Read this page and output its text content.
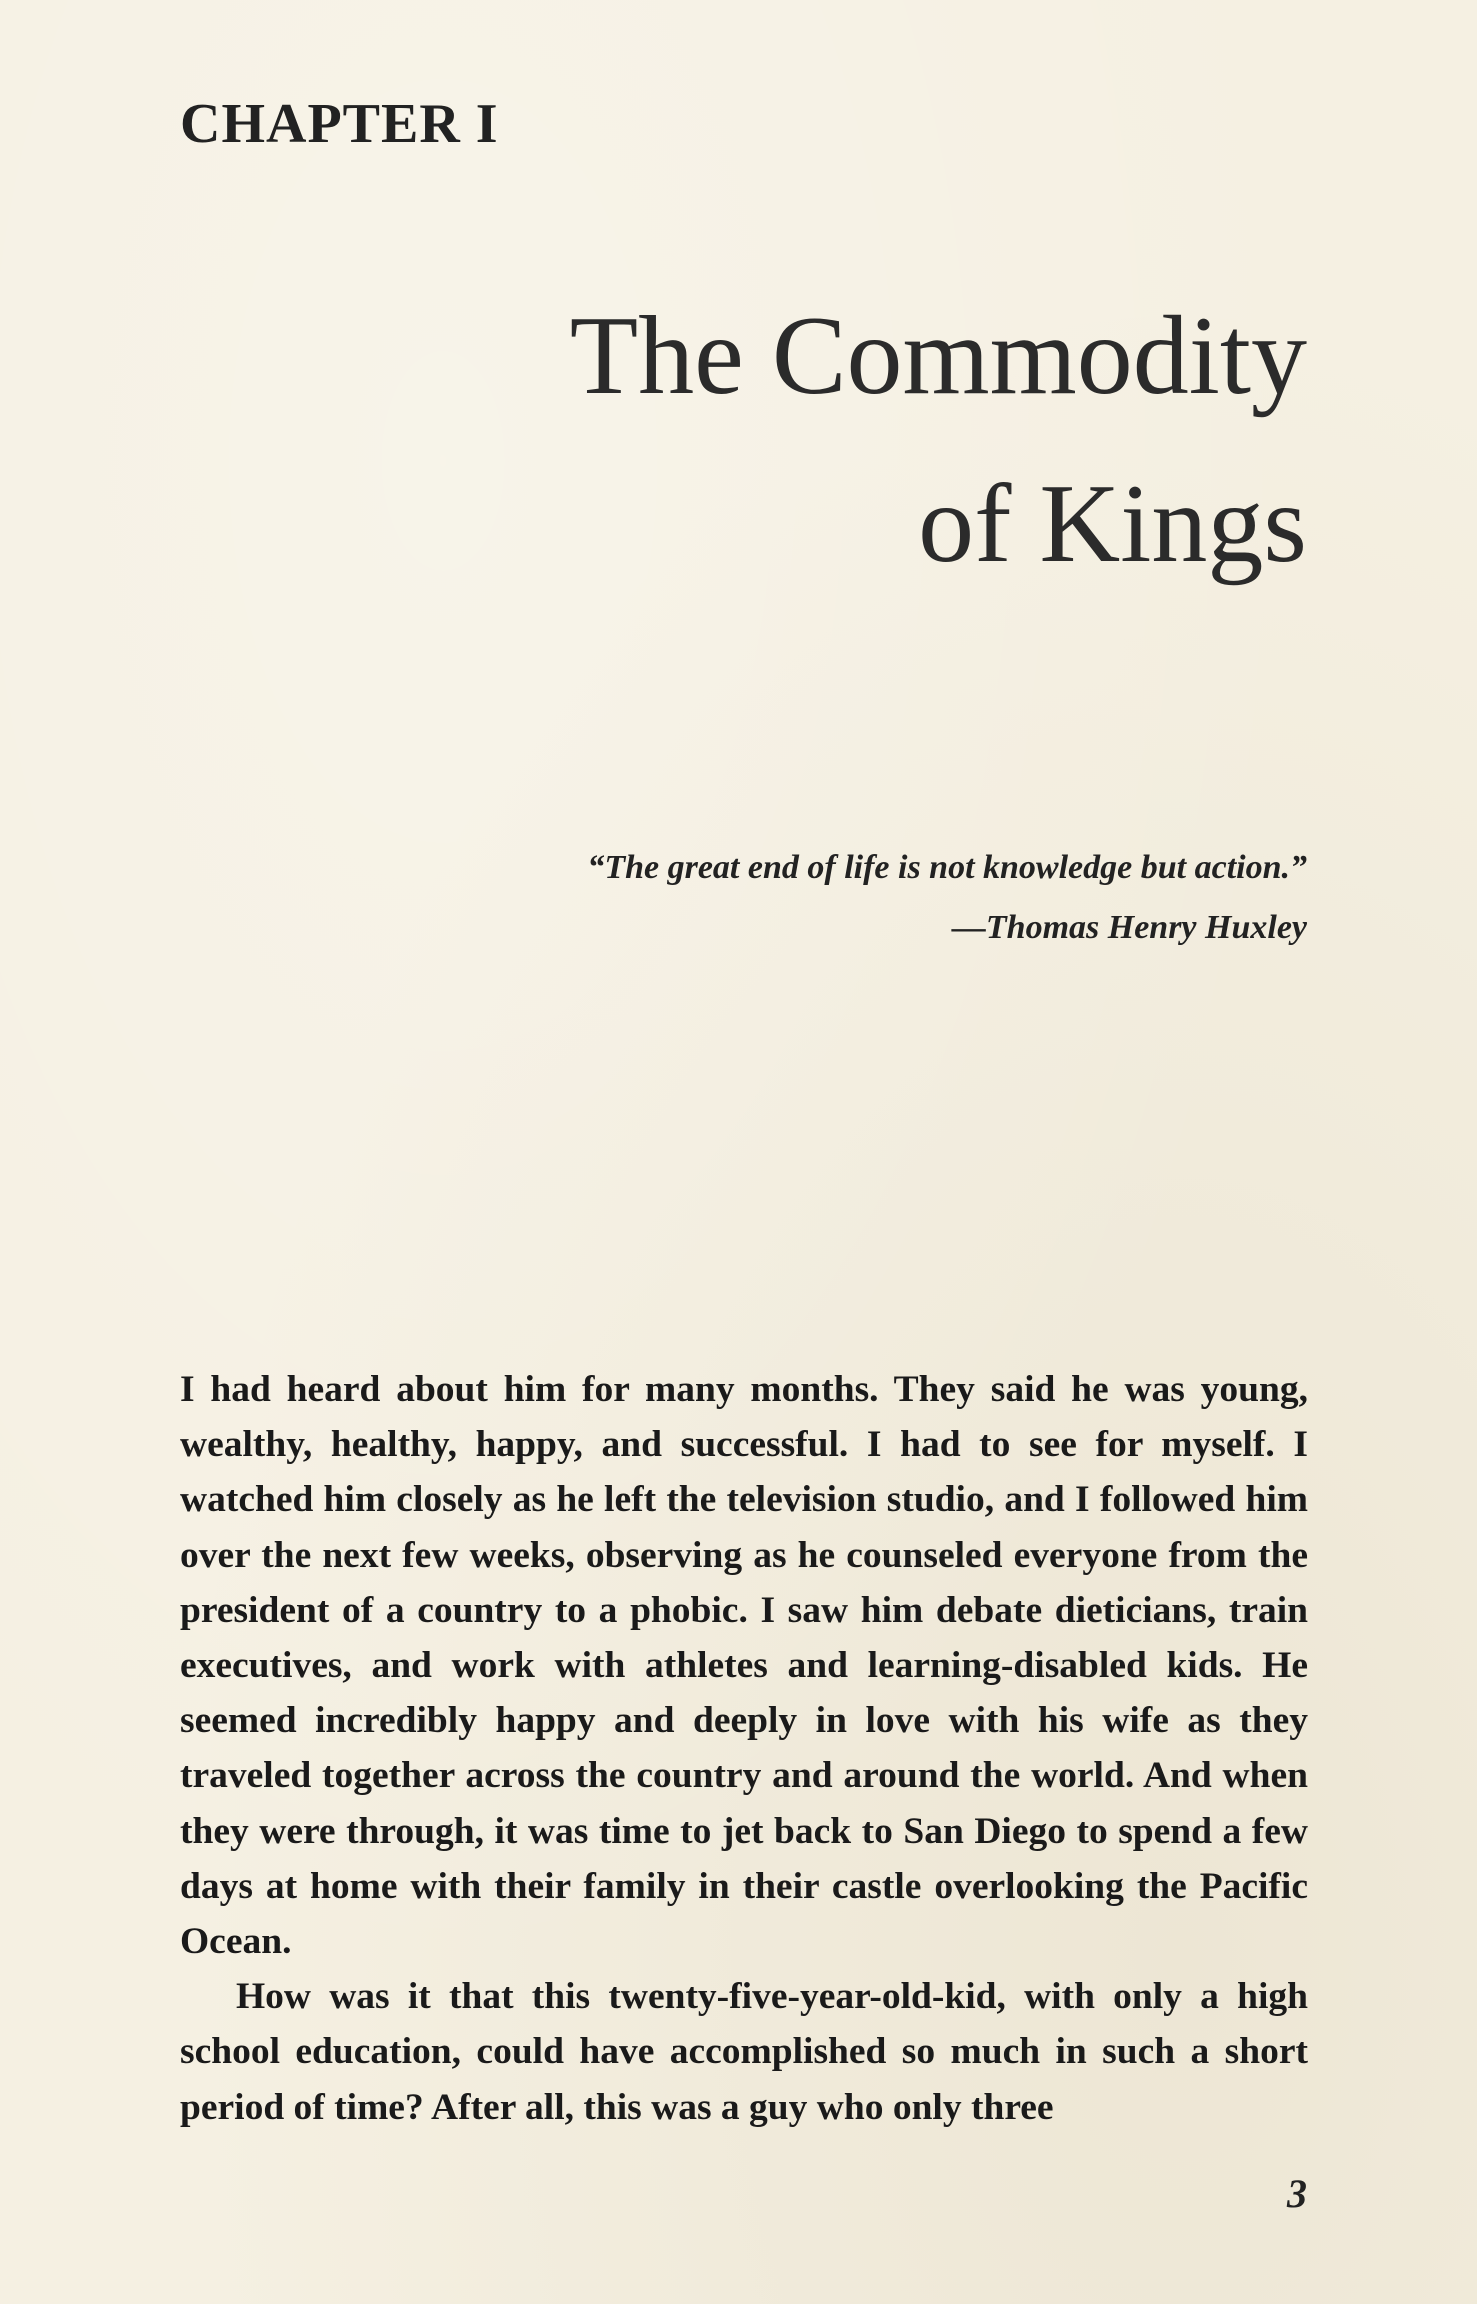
CHAPTER I
The Commodity
of Kings
“The great end of life is not knowledge but action.”
—Thomas Henry Huxley

I had heard about him for many months. They said he was young, wealthy, healthy, happy, and successful. I had to see for myself. I watched him closely as he left the television studio, and I followed him over the next few weeks, observing as he counseled everyone from the president of a country to a phobic. I saw him debate dieticians, train executives, and work with athletes and learning-disabled kids. He seemed incredibly happy and deeply in love with his wife as they traveled together across the country and around the world. And when they were through, it was time to jet back to San Diego to spend a few days at home with their family in their castle overlooking the Pacific Ocean.

How was it that this twenty-five-year-old-kid, with only a high school education, could have accomplished so much in such a short period of time? After all, this was a guy who only three

3
